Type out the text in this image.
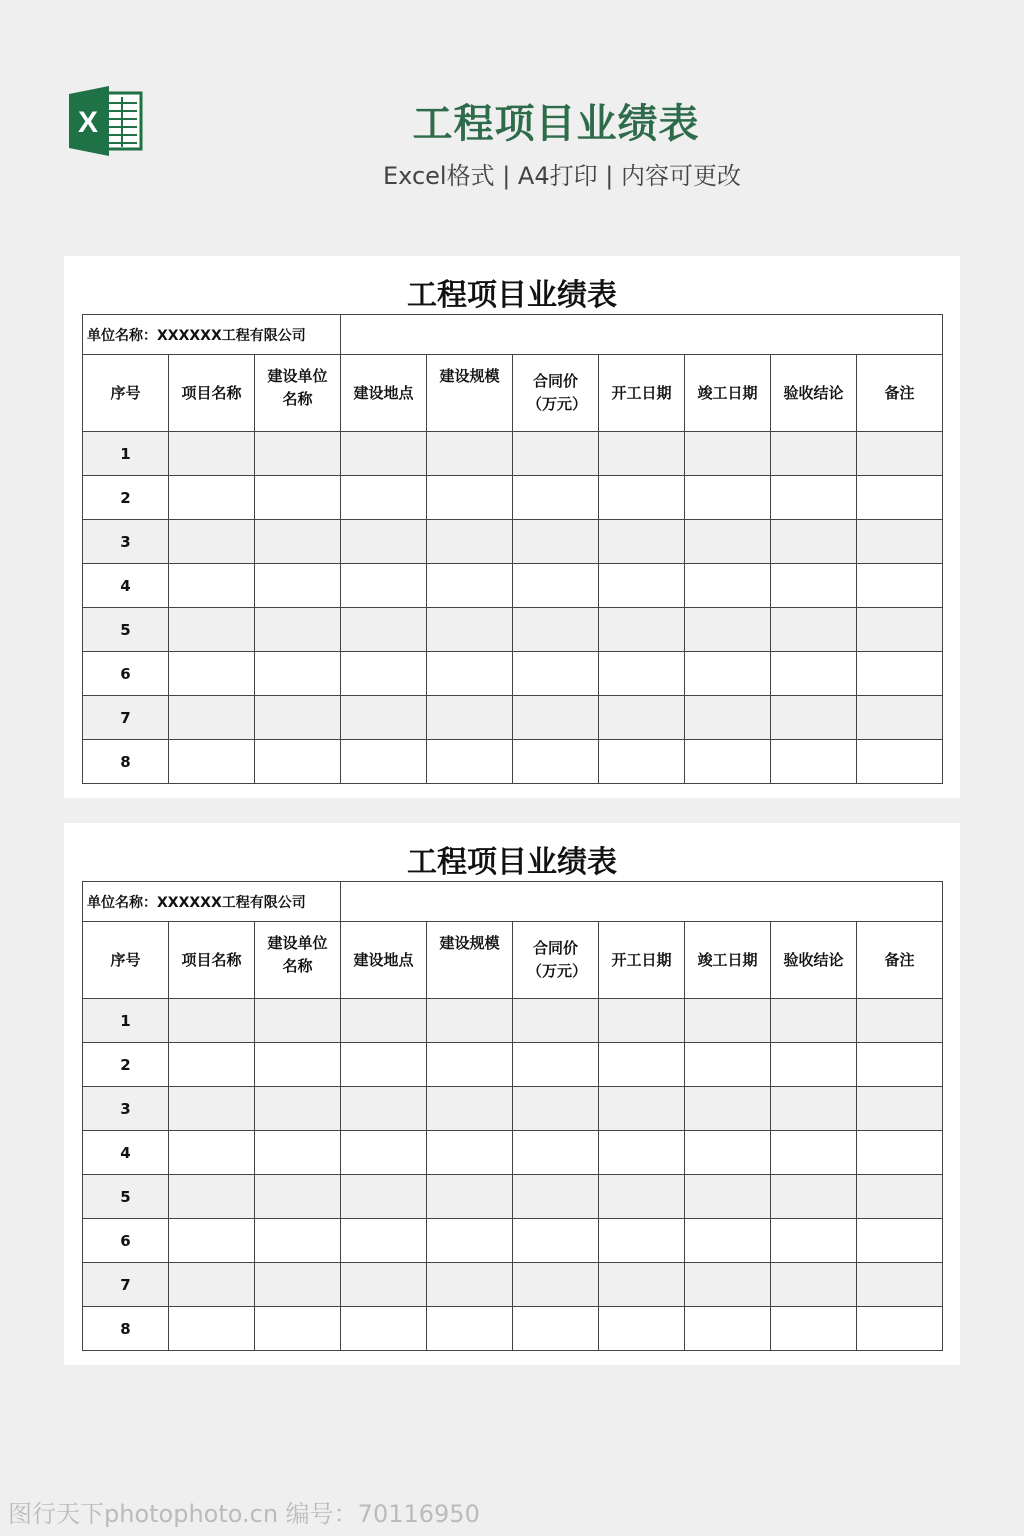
X	工程项目业绩表
Excel格式 | A4打印 | 内容可更改
工程项目业绩表
单位名称：XXXXXX工程有限公司									
序号	项目名称	建设单位名称	建设地点	建设规模	合同价（万元）	开工日期	竣工日期	验收结论	备注
1									
2									
3									
4									
5									
6									
7									
8									
工程项目业绩表
单位名称：XXXXXX工程有限公司									
序号	项目名称	建设单位名称	建设地点	建设规模	合同价（万元）	开工日期	竣工日期	验收结论	备注
1									
2									
3									
4									
5									
6									
7									
8									
图行天下photophoto.cn 编号：70116950
